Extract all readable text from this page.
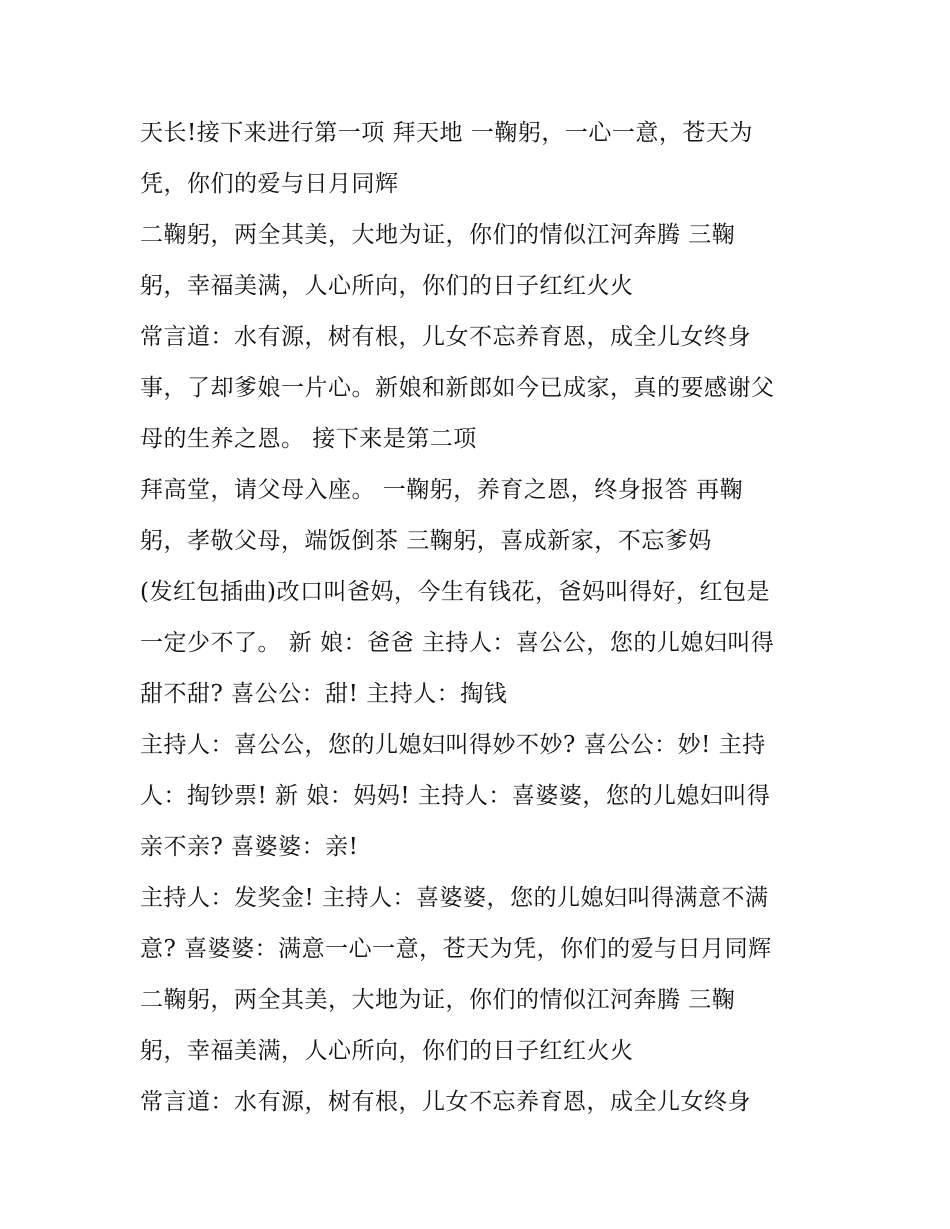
天长!接下来进行第一项 拜天地 一鞠躬，一心一意，苍天为
凭，你们的爱与日月同辉
二鞠躬，两全其美，大地为证，你们的情似江河奔腾 三鞠
躬，幸福美满，人心所向，你们的日子红红火火
常言道：水有源，树有根，儿女不忘养育恩，成全儿女终身
事，了却爹娘一片心。新娘和新郎如今已成家，真的要感谢父
母的生养之恩。 接下来是第二项
拜高堂，请父母入座。 一鞠躬，养育之恩，终身报答 再鞠
躬，孝敬父母，端饭倒茶 三鞠躬，喜成新家，不忘爹妈
(发红包插曲)改口叫爸妈，今生有钱花，爸妈叫得好，红包是
一定少不了。 新 娘：爸爸 主持人：喜公公，您的儿媳妇叫得
甜不甜? 喜公公：甜! 主持人：掏钱
主持人：喜公公，您的儿媳妇叫得妙不妙? 喜公公：妙! 主持
人：掏钞票! 新 娘：妈妈! 主持人：喜婆婆，您的儿媳妇叫得
亲不亲? 喜婆婆：亲!
主持人：发奖金! 主持人：喜婆婆，您的儿媳妇叫得满意不满
意? 喜婆婆：满意一心一意，苍天为凭，你们的爱与日月同辉
二鞠躬，两全其美，大地为证，你们的情似江河奔腾 三鞠
躬，幸福美满，人心所向，你们的日子红红火火
常言道：水有源，树有根，儿女不忘养育恩，成全儿女终身
